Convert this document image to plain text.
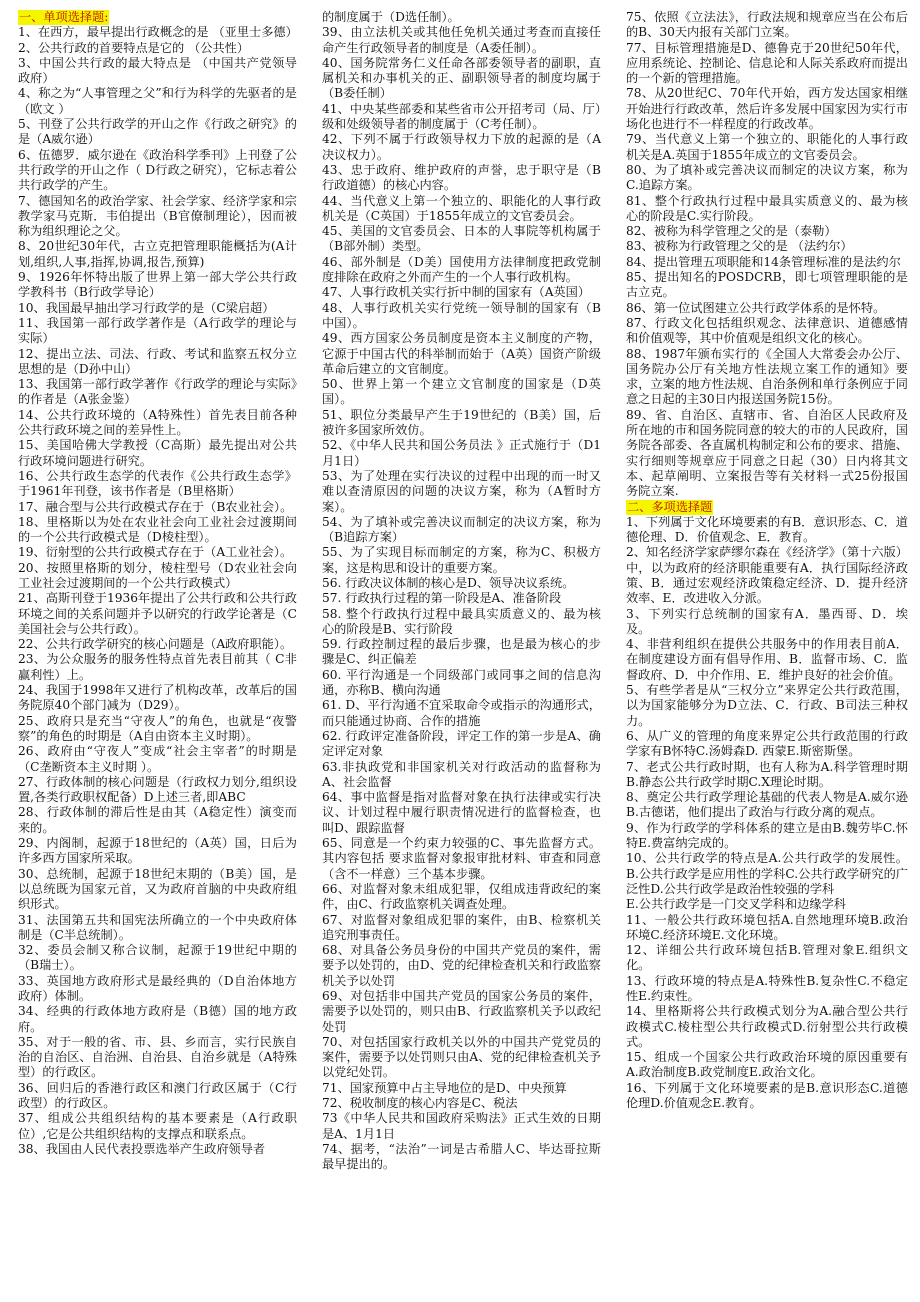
一、单项选择题:

1、在西方，最早提出行政概念的是 （亚里士多德）

2、公共行政的首要特点是它的 （公共性）

3、中国公共行政的最大特点是 （中国共产党领导政府）

4、称之为“人事管理之父”和行为科学的先驱者的是 （欧文 ）

5、刊登了公共行政学的开山之作《行政之研究》的是（A威尔逊）

6、伍德罗．威尔逊在《政治科学季刊》上刊登了公共行政学的开山之作（ D行政之研究），它标志着公共行政学的产生。

7、德国知名的政治学家、社会学家、经济学家和宗教学家马克斯．韦伯提出（B官僚制理论），因而被称为组织理论之父。

8、20世纪30年代，古立克把管理职能概括为(A计划,组织,人事,指挥,协调,报告,预算)

9、1926年怀特出版了世界上第一部大学公共行政学教科书（B行政学导论）

10、我国最早抽出学习行政学的是（C梁启超）

11、我国第一部行政学著作是（A行政学的理论与实际）

12、提出立法、司法、行政、考试和监察五权分立思想的是（D孙中山）

13、我国第一部行政学著作《行政学的理论与实际》的作者是（A张金鉴）

14、公共行政环境的（A特殊性）首先表目前各种公共行政环境之间的差异性上。

15、美国哈佛大学教授（C高斯）最先提出对公共行政环境问题进行研究。

16、公共行政生态学的代表作《公共行政生态学》于1961年刊登，该书作者是（B里格斯）

17、融合型与公共行政模式存在于（B农业社会）。

18、里格斯以为处在农业社会向工业社会过渡期间的一个公共行政模式是（D棱柱型）。

19、衍射型的公共行政模式存在于（A工业社会）。

20、按照里格斯的划分，棱柱型号（D农业社会向工业社会过渡期间的一个公共行政模式）

21、高斯刊登于1936年提出了公共行政和公共行政环境之间的关系问题并予以研究的行政学论著是（C美国社会与公共行政）。

22、公共行政学研究的核心问题是（A政府职能）。

23、为公众服务的服务性特点首先表目前其（ C非赢利性）上。

24、我国于1998年又进行了机构改革，改革后的国务院原40个部门减为（D29）。

25、政府只是充当“守夜人”的角色，也就是“夜警察”的角色的时期是（A自由资本主义时期）。

26、政府由“守夜人”变成“社会主宰者”的时期是（C垄断资本主义时期 ）。

27、行政体制的核心问题是（行政权力划分,组织设置,各类行政职权配备）D上述三者,即ABC

28、行政体制的滞后性是由其（A稳定性）演变而来的。

29、内阁制，起源于18世纪的（A英）国，日后为许多西方国家所采取。

30、总统制，起源于18世纪末期的（B美）国，是以总统既为国家元首，又为政府首脑的中央政府组织形式。

31、法国第五共和国宪法所确立的一个中央政府体制是（C半总统制）。

32、委员会制又称合议制，起源于19世纪中期的（B瑞士）。

33、英国地方政府形式是最经典的（D自治体地方政府）体制。

34、经典的行政体地方政府是（B德）国的地方政府。

35、对于一般的省、市、县、乡而言，实行民族自治的自治区、自治洲、自治县、自治乡就是（A特殊型）的行政区。

36、回归后的香港行政区和澳门行政区属于（C行政型）的行政区。

37、组成公共组织结构的基本要素是（A行政职位）,它是公共组织结构的支撑点和联系点。

38、我国由人民代表投票选举产生政府领导者

的制度属于（D选任制）。

39、由立法机关或其他任免机关通过考查而直接任命产生行政领导者的制度是（A委任制）。

40、国务院常务仁义任命各部委领导者的副职，直属机关和办事机关的正、副职领导者的制度均属于（B委任制）

41、中央某些部委和某些省市公开招考司（局、厅）级和处级领导者的制度属于（C考任制）。

42、下列不属于行政领导权力下放的起源的是（A决议权力）。

43、忠于政府、维护政府的声誉，忠于职守是（B行政道德）的核心内容。

44、当代意义上第一个独立的、职能化的人事行政机关是（C英国）于1855年成立的文官委员会。

45、美国的文官委员会、日本的人事院等机构属于（B部外制）类型。

46、部外制是（D美）国使用方法律制度把政党制度排除在政府之外而产生的一个人事行政机构。

47、人事行政机关实行折中制的国家有（A英国）

48、人事行政机关实行党统一领导制的国家有（B中国）。

49、西方国家公务员制度是资本主义制度的产物，它源于中国古代的科举制而始于（A英）国资产阶级革命后建立的文官制度。

50、世界上第一个建立文官制度的国家是（D英国）。

51、职位分类最早产生于19世纪的（B美）国，后被许多国家所效仿。

52、《中华人民共和国公务员法 》正式施行于（D1月1日）

53、为了处理在实行决议的过程中出现的而一时又难以查清原因的问题的决议方案，称为（A暂时方案）。

54、为了填补或完善决议而制定的决议方案，称为（B追踪方案）

55、为了实现目标而制定的方案，称为C、积极方案，这是构思和设计的重要方案。

56. 行政决议体制的核心是D、领导决议系统。

57. 行政执行过程的第一阶段是A、准备阶段

58. 整个行政执行过程中最具实质意义的、最为核心的阶段是B、实行阶段

59. 行政控制过程的最后步骤，也是最为核心的步骤是C、纠正偏差

60. 平行沟通是一个同级部门或同事之间的信息沟通，亦称B、横向沟通

61. D、平行沟通不宜采取命令或指示的沟通形式，而只能通过协商、合作的措施

62. 行政评定准备阶段，评定工作的第一步是A、确定评定对象

63.非执政党和非国家机关对行政活动的监督称为A、社会监督

64、事中监督是指对监督对象在执行法律或实行决议、计划过程中履行职责情况进行的监督检查，也叫D、跟踪监督

65、同意是一个约束力较强的C、事先监督方式。其内容包括 要求监督对象报审批材料、审查和同意（含不一样意）三个基本步骤。

66、对监督对象未组成犯罪，仅组成违背政纪的案件，由C、行政监察机关调查处理。

67、对监督对象组成犯罪的案件，由B、检察机关追究刑事责任。

68、对具备公务员身份的中国共产党员的案件，需要予以处罚的，由D、党的纪律检查机关和行政监察机关予以处罚

69、对包括非中国共产党员的国家公务员的案件，需要予以处罚的，则只由B、行政监察机关予以政纪处罚

70、对包括国家行政机关以外的中国共产党党员的案件，需要予以处罚则只由A、党的纪律检查机关予以党纪处罚。

71、国家预算中占主导地位的是D、中央预算

72、税收制度的核心内容是C、税法

73《中华人民共和国政府采购法》正式生效的日期是A、1月1日

74、据考，“法治”一词是古希腊人C、毕达哥拉斯最早提出的。

75、依照《立法法》，行政法规和规章应当在公布后的B、30天内报有关部门立案。

77、目标管理措施是D、德鲁克于20世纪50年代，应用系统论、控制论、信息论和人际关系政府而提出的一个新的管理措施。

78、从20世纪C、70年代开始，西方发达国家相继开始进行行政改革，然后许多发展中国家因为实行市场化也进行不一样程度的行政改革。

79、当代意义上第一个独立的、职能化的人事行政机关是A.英国于1855年成立的文官委员会。

80、为了填补或完善决议而制定的决议方案，称为C.追踪方案。

81、整个行政执行过程中最具实质意义的、最为核心的阶段是C.实行阶段。

82、被称为科学管理之父的是（泰勒）

83、被称为行政管理之父的是 （法约尔）

84、提出管理五项职能和14条管理标准的是法约尔

85、提出知名的POSDCRB，即七项管理职能的是古立克。

86、第一位试图建立公共行政学体系的是怀特。

87、行政文化包括组织观念、法律意识、道德感情和价值观等，其中价值观是组织文化的核心。

88、1987年颁布实行的《全国人大常委会办公厅、国务院办公厅有关地方性法规立案工作的通知》要求，立案的地方性法规、自治条例和单行条例应于同意之日起的主30日内报送国务院15份。

89、省、自治区、直辖市、省、自治区人民政府及所在地的市和国务院同意的较大的市的人民政府，国务院各部委、各直属机构制定和公布的要求、措施、实行细则等规章应于同意之日起（30）日内将其文本、起草阐明、立案报告等有关材料一式25份报国务院立案.

二、多项选择题

1、下列属于文化环境要素的有B．意识形态、C．道德伦理、D．价值观念、E．教育。

2、知名经济学家萨缪尔森在《经济学》（第十六版）中，以为政府的经济职能重要有A．执行国际经济政策、B．通过宏观经济政策稳定经济、D．提升经济效率、E．改进收入分派。

3、下列实行总统制的国家有A．墨西哥、D．埃及。

4、非营利组织在提供公共服务中的作用表目前A．在制度建设方面有倡导作用、B．监督市场、C．监督政府、D．中介作用、E．维护良好的社会价值。

5、有些学者是从“三权分立”来界定公共行政范围，以为国家能够分为D立法、C．行政、B司法三种权力。

6、从广义的管理的角度来界定公共行政范围的行政学家有B怀特C.汤姆森D. 西蒙E.斯密斯堡。

7、老式公共行政时期，也有人称为A.科学管理时期B.静态公共行政学时期C.X理论时期。

8、奠定公共行政学理论基础的代表人物是A.威尔逊B.古德诺，他们提出了政治与行政分离的观点。

9、作为行政学的学科体系的建立是由B.魏劳毕C.怀特E.费富纳完成的。

10、公共行政学的特点是A.公共行政学的发展性。B.公共行政学是应用性的学科C.公共行政学研究的广泛性D.公共行政学是政治性较强的学科

E.公共行政学是一门交叉学科和边缘学科

11、一般公共行政环境包括A.自然地理环境B.政治环境C.经济环境E.文化环境。

12、详细公共行政环境包括B.管理对象E.组织文化。

13、行政环境的特点是A.特殊性B.复杂性C.不稳定性E.约束性。

14、里格斯将公共行政模式划分为A.融合型公共行政模式C.棱柱型公共行政模式D.衍射型公共行政模式。

15、组成一个国家公共行政政治环境的原因重要有A.政治制度B.政党制度E.政治文化。

16、下列属于文化环境要素的是B.意识形态C.道德伦理D.价值观念E.教育。
